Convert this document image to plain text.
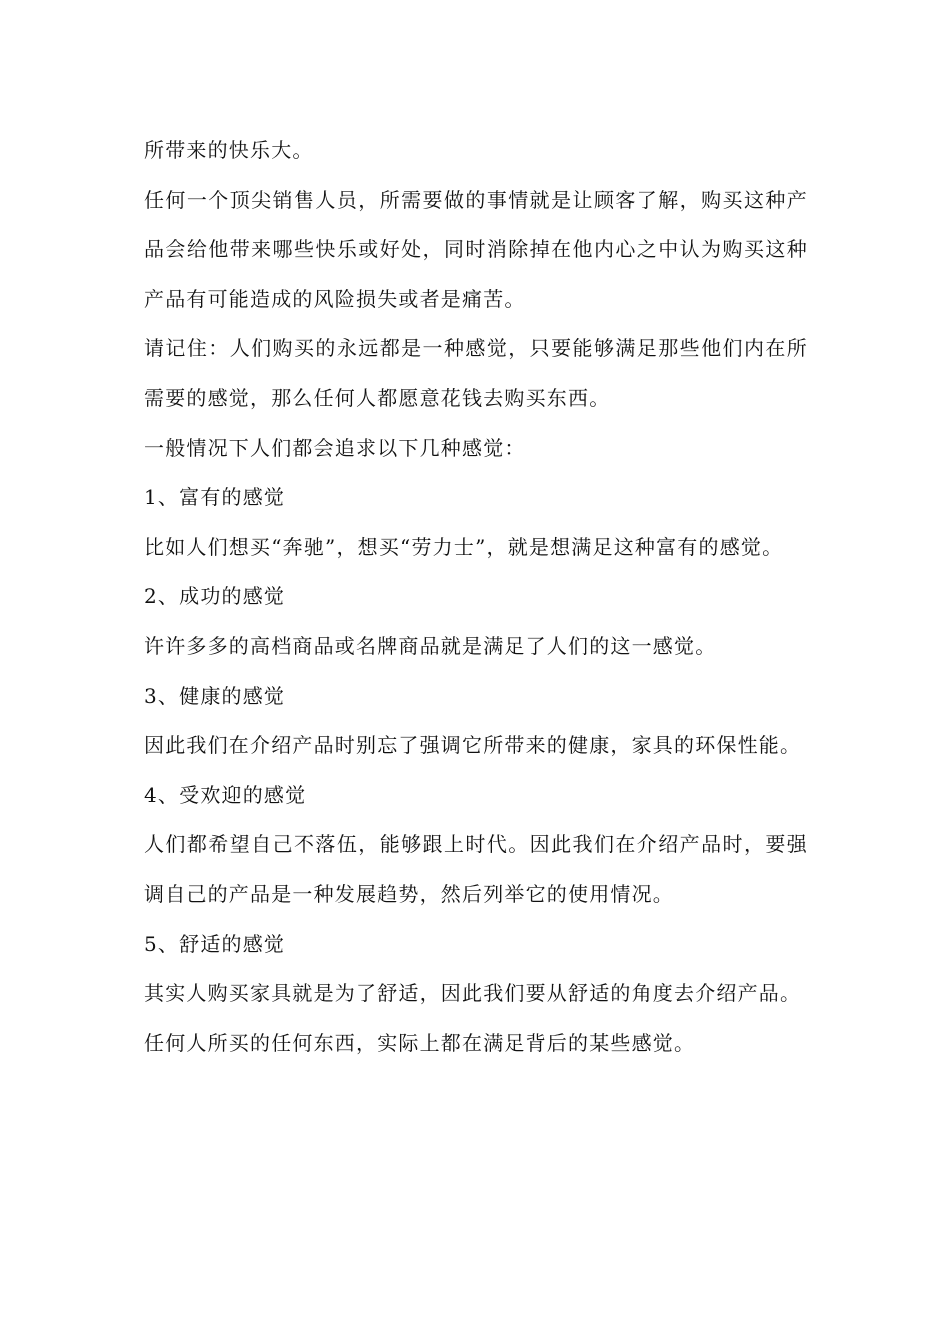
所带来的快乐大。

任何一个顶尖销售人员，所需要做的事情就是让顾客了解，购买这种产品会给他带来哪些快乐或好处，同时消除掉在他内心之中认为购买这种产品有可能造成的风险损失或者是痛苦。

请记住：人们购买的永远都是一种感觉，只要能够满足那些他们内在所需要的感觉，那么任何人都愿意花钱去购买东西。

一般情况下人们都会追求以下几种感觉：

1、富有的感觉

比如人们想买“奔驰”，想买“劳力士”，就是想满足这种富有的感觉。

2、成功的感觉

许许多多的高档商品或名牌商品就是满足了人们的这一感觉。

3、健康的感觉

因此我们在介绍产品时别忘了强调它所带来的健康，家具的环保性能。

4、受欢迎的感觉

人们都希望自己不落伍，能够跟上时代。因此我们在介绍产品时，要强调自己的产品是一种发展趋势，然后列举它的使用情况。

5、舒适的感觉

其实人购买家具就是为了舒适，因此我们要从舒适的角度去介绍产品。

任何人所买的任何东西，实际上都在满足背后的某些感觉。
